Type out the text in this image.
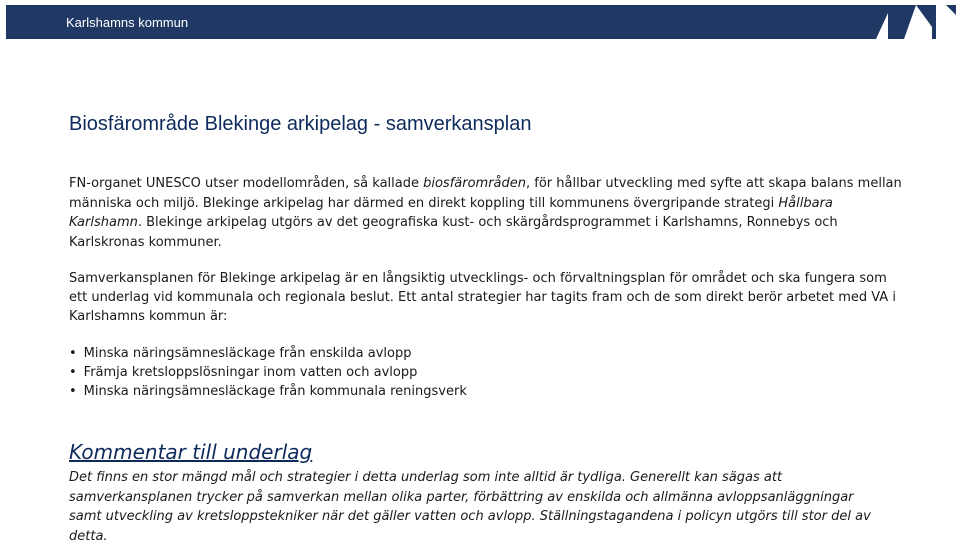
Karlshamns kommun
Biosfärområde Blekinge arkipelag - samverkansplan

FN-organet UNESCO utser modellområden, så kallade biosfärområden, för hållbar utveckling med syfte att skapa balans mellan människa och miljö. Blekinge arkipelag har därmed en direkt koppling till kommunens övergripande strategi Hållbara Karlshamn. Blekinge arkipelag utgörs av det geografiska kust- och skärgårdsprogrammet i Karlshamns, Ronnebys och Karlskronas kommuner.

Samverkansplanen för Blekinge arkipelag är en långsiktig utvecklings- och förvaltningsplan för området och ska fungera som ett underlag vid kommunala och regionala beslut. Ett antal strategier har tagits fram och de som direkt berör arbetet med VA i Karlshamns kommun är:

• Minska näringsämnesläckage från enskilda avlopp
• Främja kretsloppslösningar inom vatten och avlopp
• Minska näringsämnesläckage från kommunala reningsverk
Kommentar till underlag

Det finns en stor mängd mål och strategier i detta underlag som inte alltid är tydliga. Generellt kan sägas att samverkansplanen trycker på samverkan mellan olika parter, förbättring av enskilda och allmänna avloppsanläggningar samt utveckling av kretsloppstekniker när det gäller vatten och avlopp. Ställningstagandena i policyn utgörs till stor del av detta.
